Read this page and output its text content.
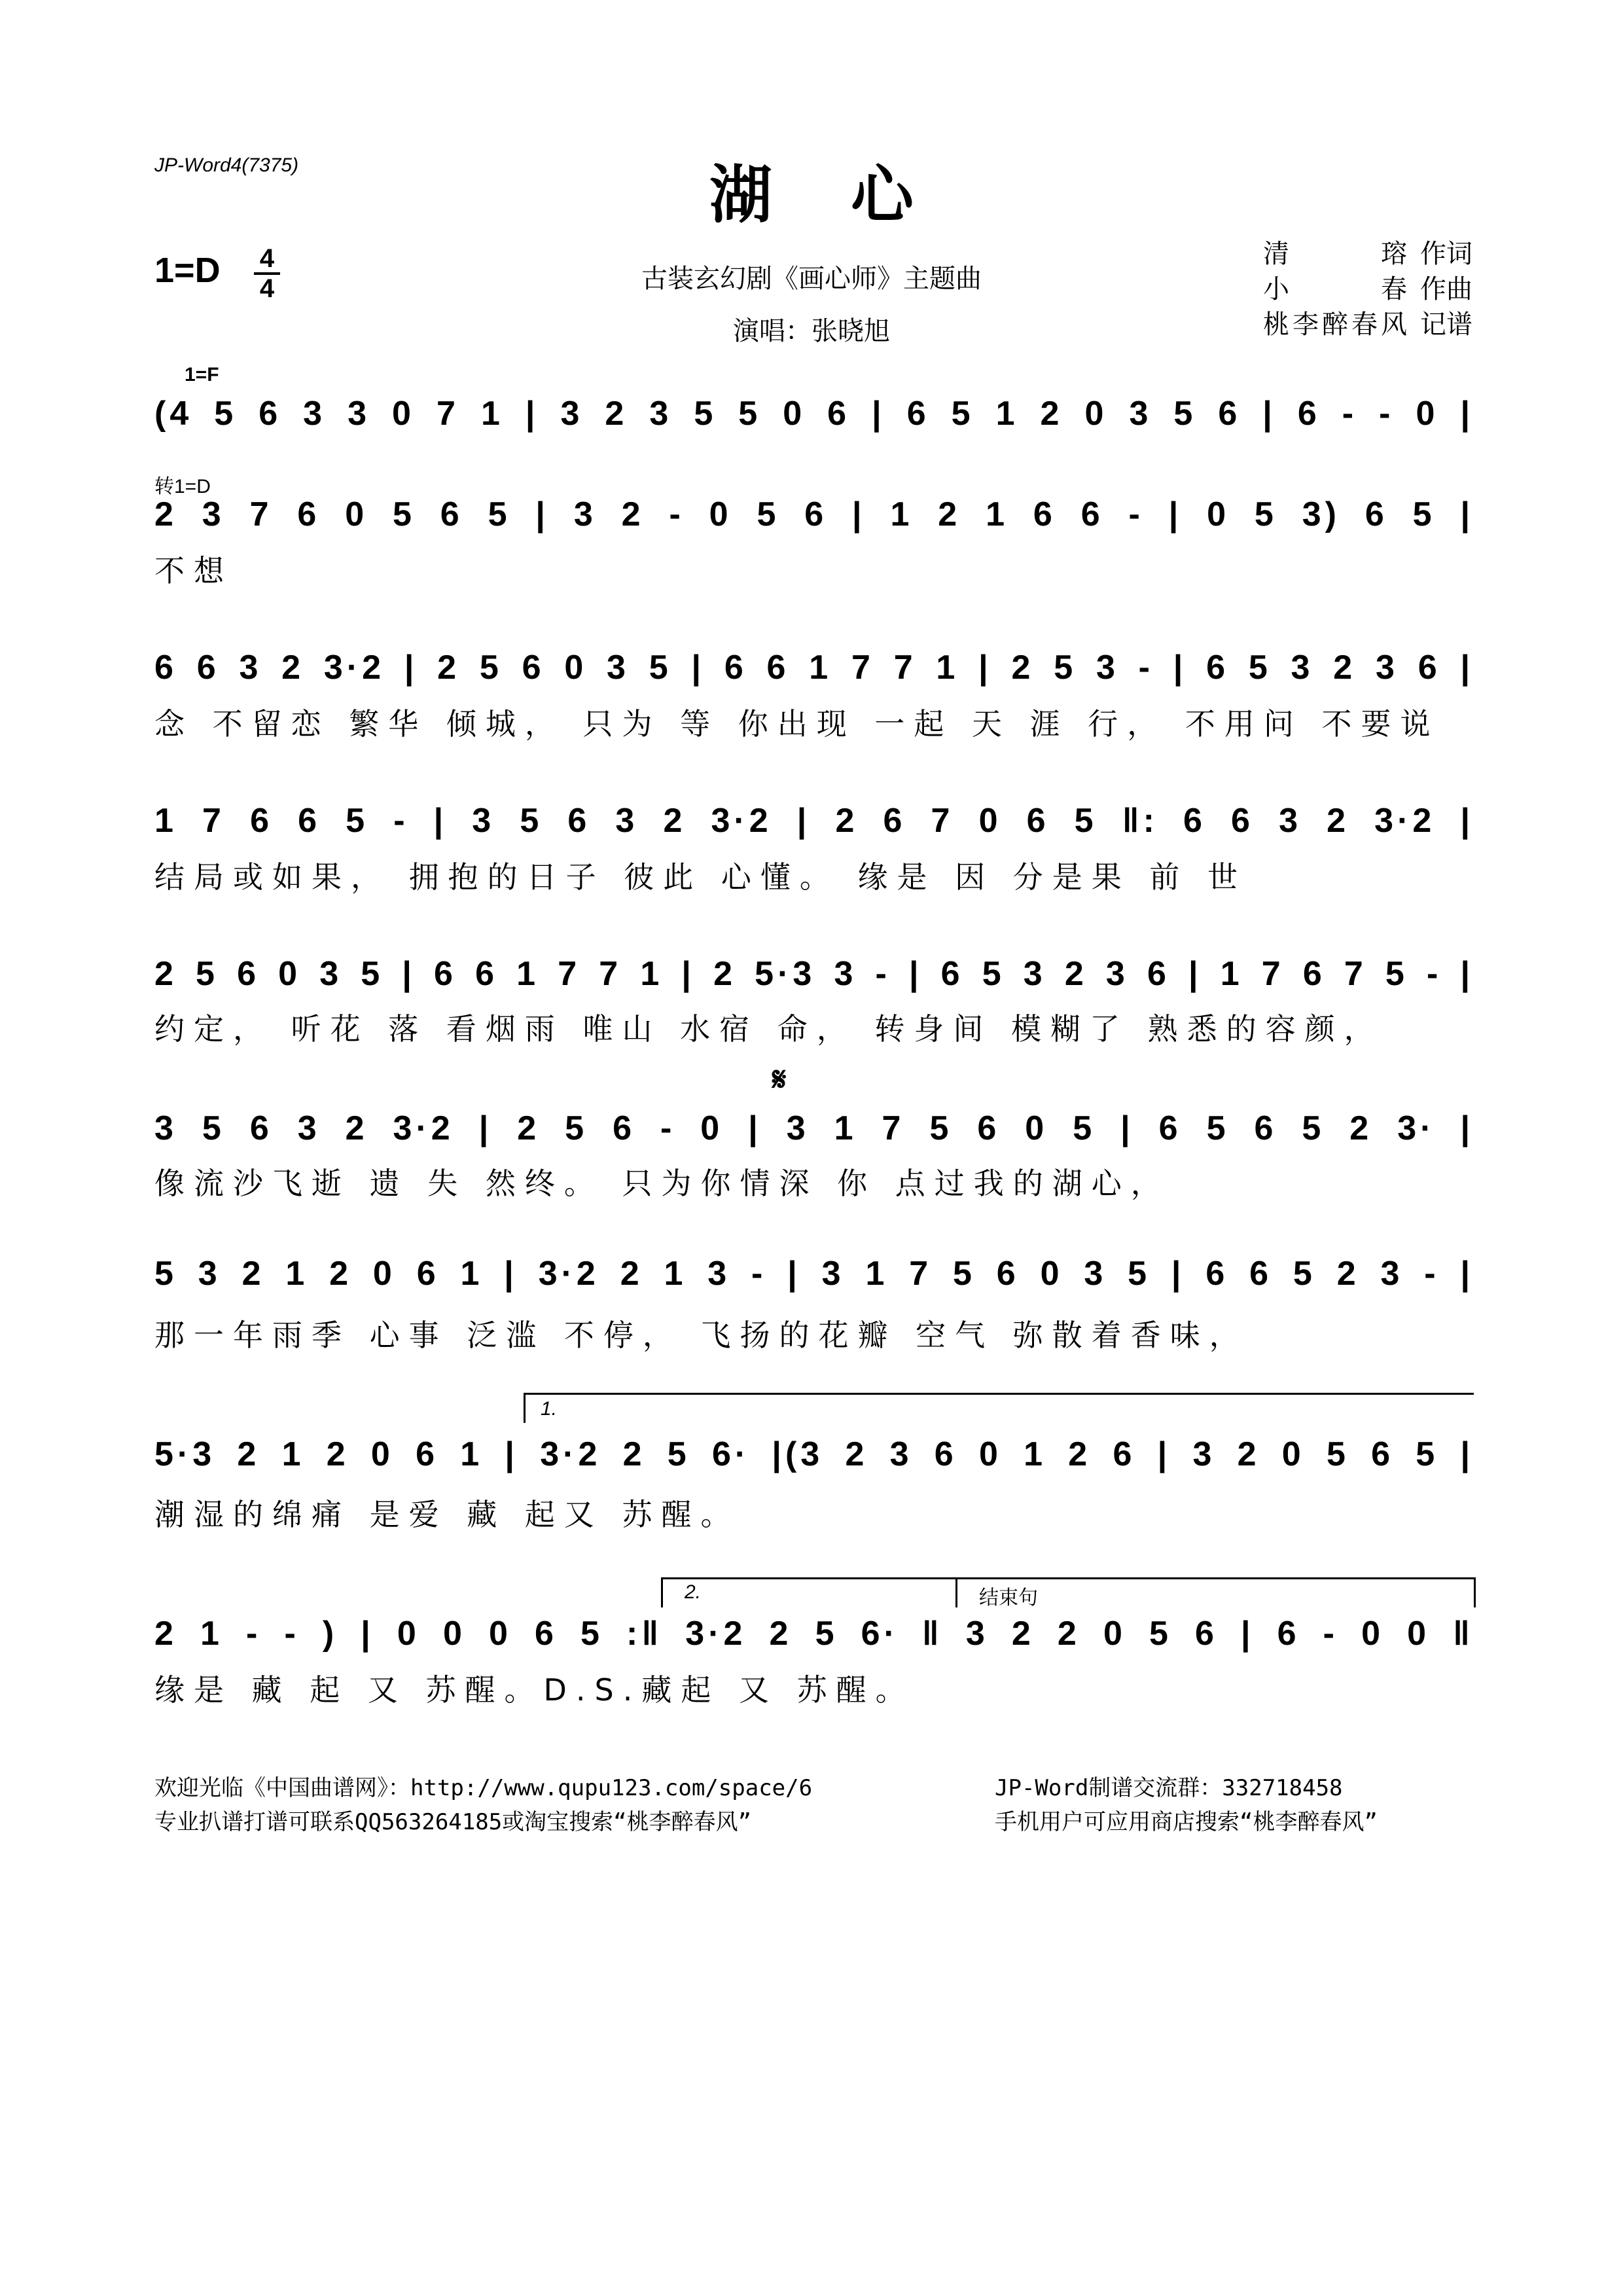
JP-Word4(7375)	湖心
1=D 4
4	古装玄幻剧《画心师》主题曲
演唱：张晓旭
清 瑢 作词
小 春 作曲
桃李醉春风 记谱
1=F
转1=D
𝄋
1.
2.	结束句
(4 5 6 3 3 0 7 1 | 3 2 3 5 5 0 6 | 6 5 1 2 0 3 5 6 | 6 - - 0 |
2 3 7 6 0 5 6 5 | 3 2 - 0 5 6 | 1 2 1 6 6 - | 0 5 3) 6 5 |
不想
6 6 3 2 3·2 | 2 5 6 0 3 5 | 6 6 1 7 7 1 | 2 5 3 - | 6 5 3 2 3 6 |
念 不留恋 繁华 倾城， 只为 等 你出现 一起 天 涯 行， 不用问 不要说
1 7 6 6 5 - | 3 5 6 3 2 3·2 | 2 6 7 0 6 5 ‖: 6 6 3 2 3·2 |
结局或如果， 拥抱的日子 彼此 心懂。 缘是 因 分是果 前 世
2 5 6 0 3 5 | 6 6 1 7 7 1 | 2 5·3 3 - | 6 5 3 2 3 6 | 1 7 6 7 5 - |
约定， 听花 落 看烟雨 唯山 水宿 命， 转身间 模糊了 熟悉的容颜，
3 5 6 3 2 3·2 | 2 5 6 - 0 | 3 1 7 5 6 0 5 | 6 5 6 5 2 3· |
像流沙飞逝 遗 失 然终。 只为你情深 你 点过我的湖心，
5 3 2 1 2 0 6 1 | 3·2 2 1 3 - | 3 1 7 5 6 0 3 5 | 6 6 5 2 3 - |
那一年雨季 心事 泛滥 不停， 飞扬的花瓣 空气 弥散着香味，
5·3 2 1 2 0 6 1 | 3·2 2 5 6· |(3 2 3 6 0 1 2 6 | 3 2 0 5 6 5 |
潮湿的绵痛 是爱 藏 起又 苏醒。
2 1 - - ) | 0 0 0 6 5 :‖ 3·2 2 5 6· ‖ 3 2 2 0 5 6 | 6 - 0 0 ‖
缘是 藏 起 又 苏醒。D.S.藏起 又 苏醒。
欢迎光临《中国曲谱网》：http://www.qupu123.com/space/6
专业扒谱打谱可联系QQ563264185或淘宝搜索“桃李醉春风”
JP-Word制谱交流群：332718458
手机用户可应用商店搜索“桃李醉春风”
